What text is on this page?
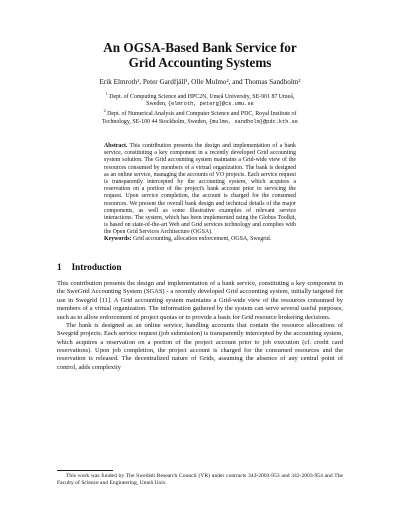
An OGSA-Based Bank Service for
Grid Accounting Systems
Erik Elmroth¹, Peter Gardfjäll¹, Olle Mulmo², and Thomas Sandholm²
$^1$ Dept. of Computing Science and HPC2N, Umeå University, SE-901 87 Umeå,
Sweden, {elmroth, peterg}@cs.umu.se
$^2$ Dept. of Numerical Analysis and Computer Science and PDC, Royal Institute of
Technology, SE-100 44 Stockholm, Sweden, {mulmo, sandholm}@pdc.kth.se

Abstract. This contribution presents the design and implementation of a bank service, constituting a key component in a recently developed Grid accounting system solution. The Grid accounting system maintains a Grid-wide view of the resources consumed by members of a virtual organization. The bank is designed as an online service, managing the accounts of VO projects. Each service request is transparently intercepted by the accounting system, which acquires a reservation on a portion of the project's bank account prior to servicing the request. Upon service completion, the account is charged for the consumed resources. We present the overall bank design and technical details of the major components, as well as some illustrative examples of relevant service interactions. The system, which has been implemented using the Globus Toolkit, is based on state-of-the-art Web and Grid services technology and complies with the Open Grid Services Architecture (OGSA).

Keywords: Grid accounting, allocation enforcement, OGSA, Swegrid.

1 Introduction

This contribution presents the design and implementation of a bank service, constituting a key component in the SweGrid Accounting System (SGAS) - a recently developed Grid accounting system, initially targeted for use in Swegrid [11]. A Grid accounting system maintains a Grid-wide view of the resources consumed by members of a virtual organization. The information gathered by the system can serve several useful purposes, such as to allow enforcement of project quotas or to provide a basis for Grid resource brokering decisions.

The bank is designed as an online service, handling accounts that contain the resource allocations of Swegrid projects. Each service request (job submission) is transparently intercepted by the accounting system, which acquires a reservation on a portion of the project account prior to job execution (cf. credit card reservations). Upon job completion, the project account is charged for the consumed resources and the reservation is released. The decentralized nature of Grids, assuming the absence of any central point of control, adds complexity

This work was funded by The Swedish Research Council (VR) under contracts 343-2003-953 and 343-2003-954 and The Faculty of Science and Engineering, Umeå Univ.
